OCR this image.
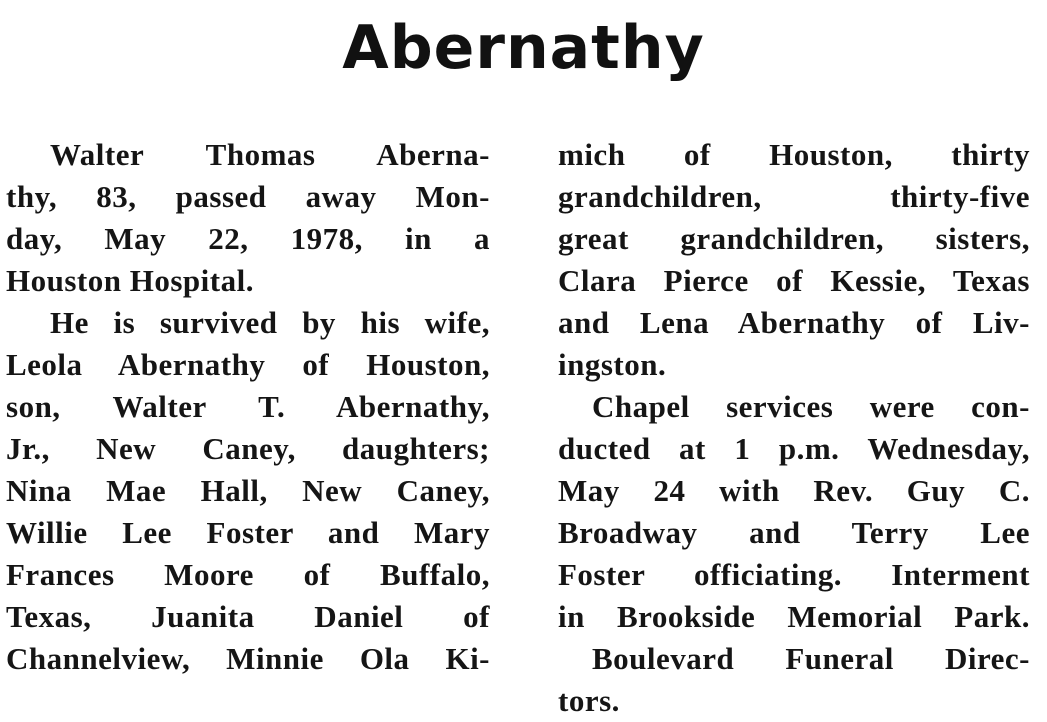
Abernathy
Walter Thomas Aberna-
thy, 83, passed away Mon-
day, May 22, 1978, in a
Houston Hospital.
He is survived by his wife,
Leola Abernathy of Houston,
son, Walter T. Abernathy,
Jr., New Caney, daughters;
Nina Mae Hall, New Caney,
Willie Lee Foster and Mary
Frances Moore of Buffalo,
Texas, Juanita Daniel of
Channelview, Minnie Ola Ki-
mich of Houston, thirty
grandchildren, thirty-five
great grandchildren, sisters,
Clara Pierce of Kessie, Texas
and Lena Abernathy of Liv-
ingston.
Chapel services were con-
ducted at 1 p.m. Wednesday,
May 24 with Rev. Guy C.
Broadway and Terry Lee
Foster officiating. Interment
in Brookside Memorial Park.
Boulevard Funeral Direc-
tors.
